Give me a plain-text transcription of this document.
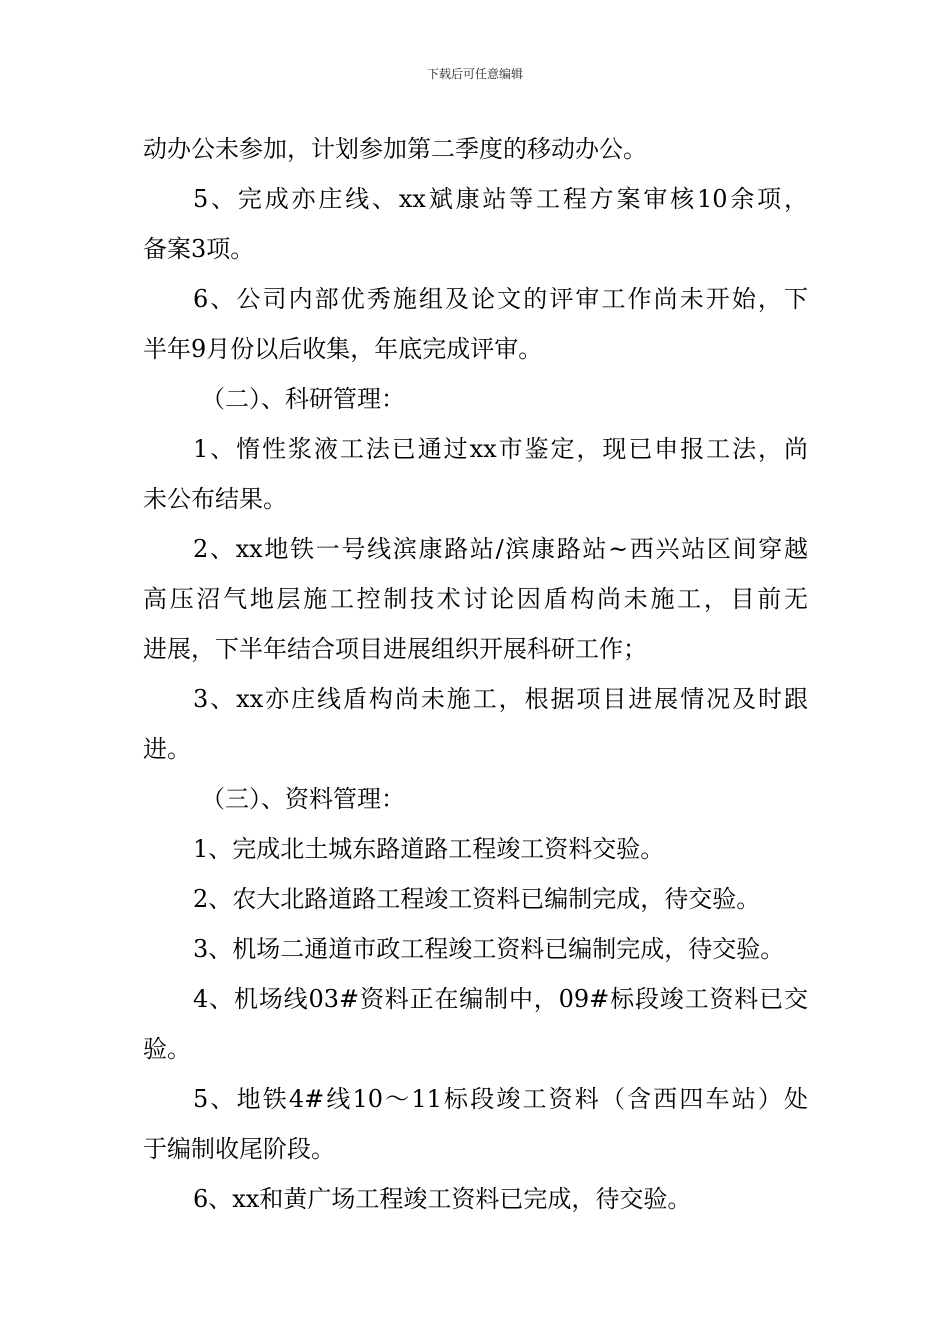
下载后可任意编辑
动办公未参加，计划参加第二季度的移动办公。
5、完成亦庄线、xx斌康站等工程方案审核10余项，
备案3项。
6、公司内部优秀施组及论文的评审工作尚未开始，下
半年9月份以后收集，年底完成评审。
（二）、科研管理：
1、惰性浆液工法已通过xx市鉴定，现已申报工法，尚
未公布结果。
2、xx地铁一号线滨康路站/滨康路站~西兴站区间穿越
高压沼气地层施工控制技术讨论因盾构尚未施工，目前无
进展，下半年结合项目进展组织开展科研工作；
3、xx亦庄线盾构尚未施工，根据项目进展情况及时跟
进。
（三）、资料管理：
1、完成北土城东路道路工程竣工资料交验。
2、农大北路道路工程竣工资料已编制完成，待交验。
3、机场二通道市政工程竣工资料已编制完成，待交验。
4、机场线03#资料正在编制中，09#标段竣工资料已交
验。
5、地铁4#线10～11标段竣工资料（含西四车站）处
于编制收尾阶段。
6、xx和黄广场工程竣工资料已完成，待交验。
